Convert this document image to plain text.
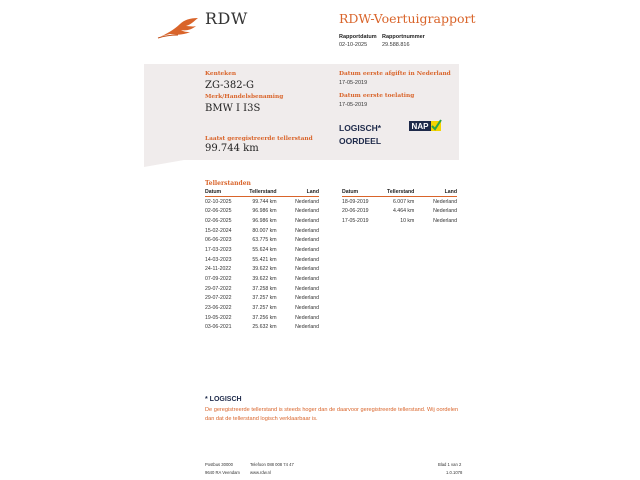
RDW	RDW-Voertuigrapport
Rapportdatum
02-10-2025
Rapportnummer
29.588.816
Kenteken
ZG-382-G
Merk/Handelsbenaming
BMW I I3S
Laatst geregistreerde tellerstand
99.744 km
Datum eerste afgifte in Nederland
17-05-2019
Datum eerste toelating
17-05-2019
LOGISCH*
OORDEEL
NAP
Tellerstanden
Datum	Tellerstand	Land
02-10-2025	99.744 km	Nederland
02-06-2025	96.986 km	Nederland
02-06-2025	96.986 km	Nederland
15-02-2024	80.007 km	Nederland
06-06-2023	63.775 km	Nederland
17-03-2023	55.624 km	Nederland
14-03-2023	55.421 km	Nederland
24-11-2022	39.622 km	Nederland
07-09-2022	39.622 km	Nederland
29-07-2022	37.258 km	Nederland
29-07-2022	37.257 km	Nederland
23-06-2022	37.257 km	Nederland
19-05-2022	37.256 km	Nederland
03-06-2021	25.632 km	Nederland
Datum	Tellerstand	Land
18-09-2019	6.007 km	Nederland
20-06-2019	4.464 km	Nederland
17-05-2019	10 km	Nederland
* LOGISCH
De geregistreerde tellerstand is steeds hoger dan de daarvoor geregistreerde tellerstand. Wij oordelen dan dat de tellerstand logisch verklaarbaar is.
Postbus 30000
9640 RA Veendam
Telefoon 088 008 74 47
www.rdw.nl
Blad 1 van 2
1.0.1078
